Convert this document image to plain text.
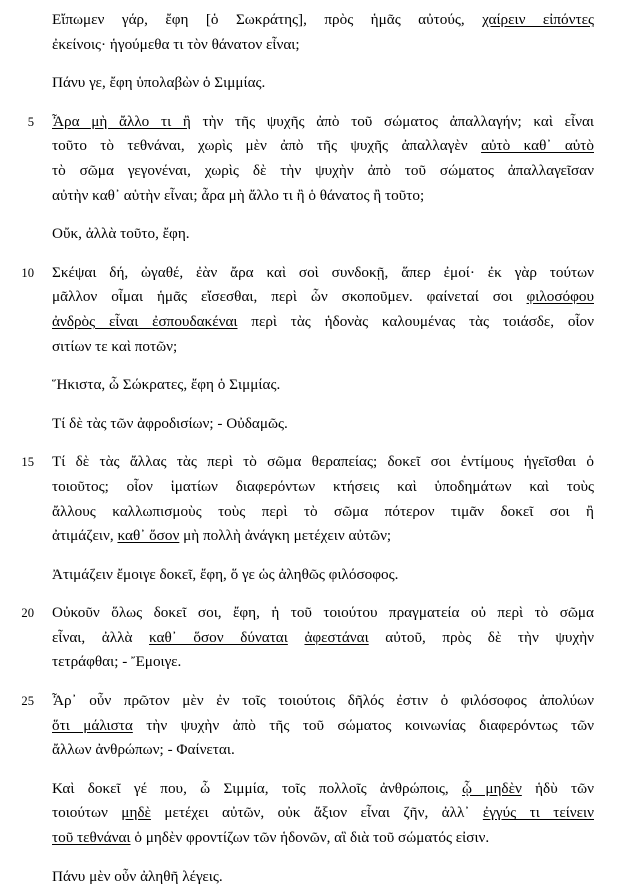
Εἴπωμεν γάρ, ἔφη [ὁ Σωκράτης], πρὸς ἡμᾶς αὐτούς, χαίρειν εἰπόντες
ἐκείνοις· ἡγούμεθα τι τὸν θάνατον εἶναι;
Πάνυ γε, ἔφη ὑπολαβὼν ὁ Σιμμίας.
5 Ἆρα μὴ ἄλλο τι ἢ τὴν τῆς ψυχῆς ἀπὸ τοῦ σώματος ἀπαλλαγήν; καὶ εἶναι
τοῦτο τὸ τεθνάναι, χωρὶς μὲν ἀπὸ τῆς ψυχῆς ἀπαλλαγὲν αὐτὸ καθ᾽ αὑτὸ
τὸ σῶμα γεγονέναι, χωρὶς δὲ τὴν ψυχὴν ἀπὸ τοῦ σώματος ἀπαλλαγεῖσαν
αὐτὴν καθ᾽ αὑτὴν εἶναι; ἆρα μὴ ἄλλο τι ἢ ὁ θάνατος ἢ τοῦτο;
Οὔκ, ἀλλὰ τοῦτο, ἔφη.
10 Σκέψαι δή, ὠγαθέ, ἐὰν ἄρα καὶ σοὶ συνδοκῇ, ἅπερ ἐμοί· ἐκ γὰρ τούτων
μᾶλλον οἶμαι ἡμᾶς εἴσεσθαι, περὶ ὧν σκοποῦμεν. φαίνεταί σοι φιλοσόφου
ἀνδρὸς εἶναι ἐσπουδακέναι περὶ τὰς ἡδονὰς καλουμένας τὰς τοιάσδε, οἷον
σιτίων τε καὶ ποτῶν;
Ἥκιστα, ὦ Σώκρατες, ἔφη ὁ Σιμμίας.
Τί δὲ τὰς τῶν ἀφροδισίων; - Οὐδαμῶς.
15 Τί δὲ τὰς ἄλλας τὰς περὶ τὸ σῶμα θεραπείας; δοκεῖ σοι ἐντίμους ἡγεῖσθαι ὁ
τοιοῦτος; οἷον ἱματίων διαφερόντων κτήσεις καὶ ὑποδημάτων καὶ τοὺς
ἄλλους καλλωπισμοὺς τοὺς περὶ τὸ σῶμα πότερον τιμᾶν δοκεῖ σοι ἢ
ἀτιμάζειν, καθ᾽ ὅσον μὴ πολλὴ ἀνάγκη μετέχειν αὐτῶν;
Ἀτιμάζειν ἔμοιγε δοκεῖ, ἔφη, ὅ γε ὡς ἀληθῶς φιλόσοφος.
20 Οὐκοῦν ὅλως δοκεῖ σοι, ἔφη, ἡ τοῦ τοιούτου πραγματεία οὐ περὶ τὸ σῶμα
εἶναι, ἀλλὰ καθ᾽ ὅσον δύναται ἀφεστάναι αὐτοῦ, πρὸς δὲ τὴν ψυχὴν
τετράφθαι; - Ἔμοιγε.
25 Ἆρ᾽ οὖν πρῶτον μὲν ἐν τοῖς τοιούτοις δῆλός ἐστιν ὁ φιλόσοφος ἀπολύων
ὅτι μάλιστα τὴν ψυχὴν ἀπὸ τῆς τοῦ σώματος κοινωνίας διαφερόντως τῶν
ἄλλων ἀνθρώπων; - Φαίνεται.
Καὶ δοκεῖ γέ που, ὦ Σιμμία, τοῖς πολλοῖς ἀνθρώποις, ᾧ μηδὲν ἡδὺ τῶν
τοιούτων μηδὲ μετέχει αὐτῶν, οὐκ ἄξιον εἶναι ζῆν, ἀλλ᾽ ἐγγύς τι τείνειν
τοῦ τεθνάναι ὁ μηδὲν φροντίζων τῶν ἡδονῶν, αἳ διὰ τοῦ σώματός εἰσιν.
Πάνυ μὲν οὖν ἀληθῆ λέγεις.
